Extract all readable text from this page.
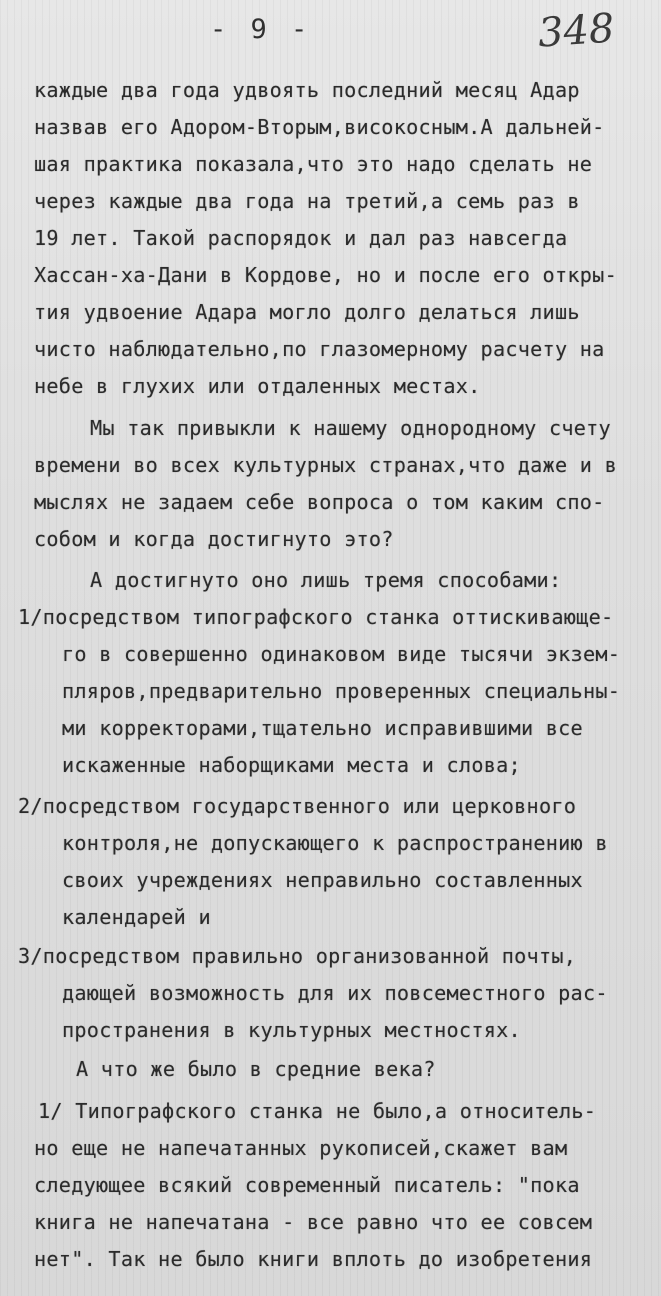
- 9 -	348
каждые два года удвоять последний месяц Адар
назвав его Адором-Вторым,високосным.А дальней-
шая практика показала,что это надо сделать не
через каждые два года на третий,а семь раз в
19 лет. Такой распорядок и дал раз навсегда
Хассан-ха-Дани в Кордове, но и после его откры-
тия удвоение Адара могло долго делаться лишь
чисто наблюдательно,по глазомерному расчету на
небе в глухих или отдаленных местах.
Мы так привыкли к нашему однородному счету
времени во всех культурных странах,что даже и в
мыслях не задаем себе вопроса о том каким спо-
собом и когда достигнуто это?
А достигнуто оно лишь тремя способами:
1/посредством типографского станка оттискивающе-
го в совершенно одинаковом виде тысячи экзем-
пляров,предварительно проверенных специальны-
ми корректорами,тщательно исправившими все
искаженные наборщиками места и слова;
2/посредством государственного или церковного
контроля,не допускающего к распространению в
своих учреждениях неправильно составленных
календарей и
3/посредством правильно организованной почты,
дающей возможность для их повсеместного рас-
пространения в культурных местностях.
А что же было в средние века?
1/ Типографского станка не было,а относитель-
но еще не напечатанных рукописей,скажет вам
следующее всякий современный писатель: "пока
книга не напечатана - все равно что ее совсем
нет". Так не было книги вплоть до изобретения
